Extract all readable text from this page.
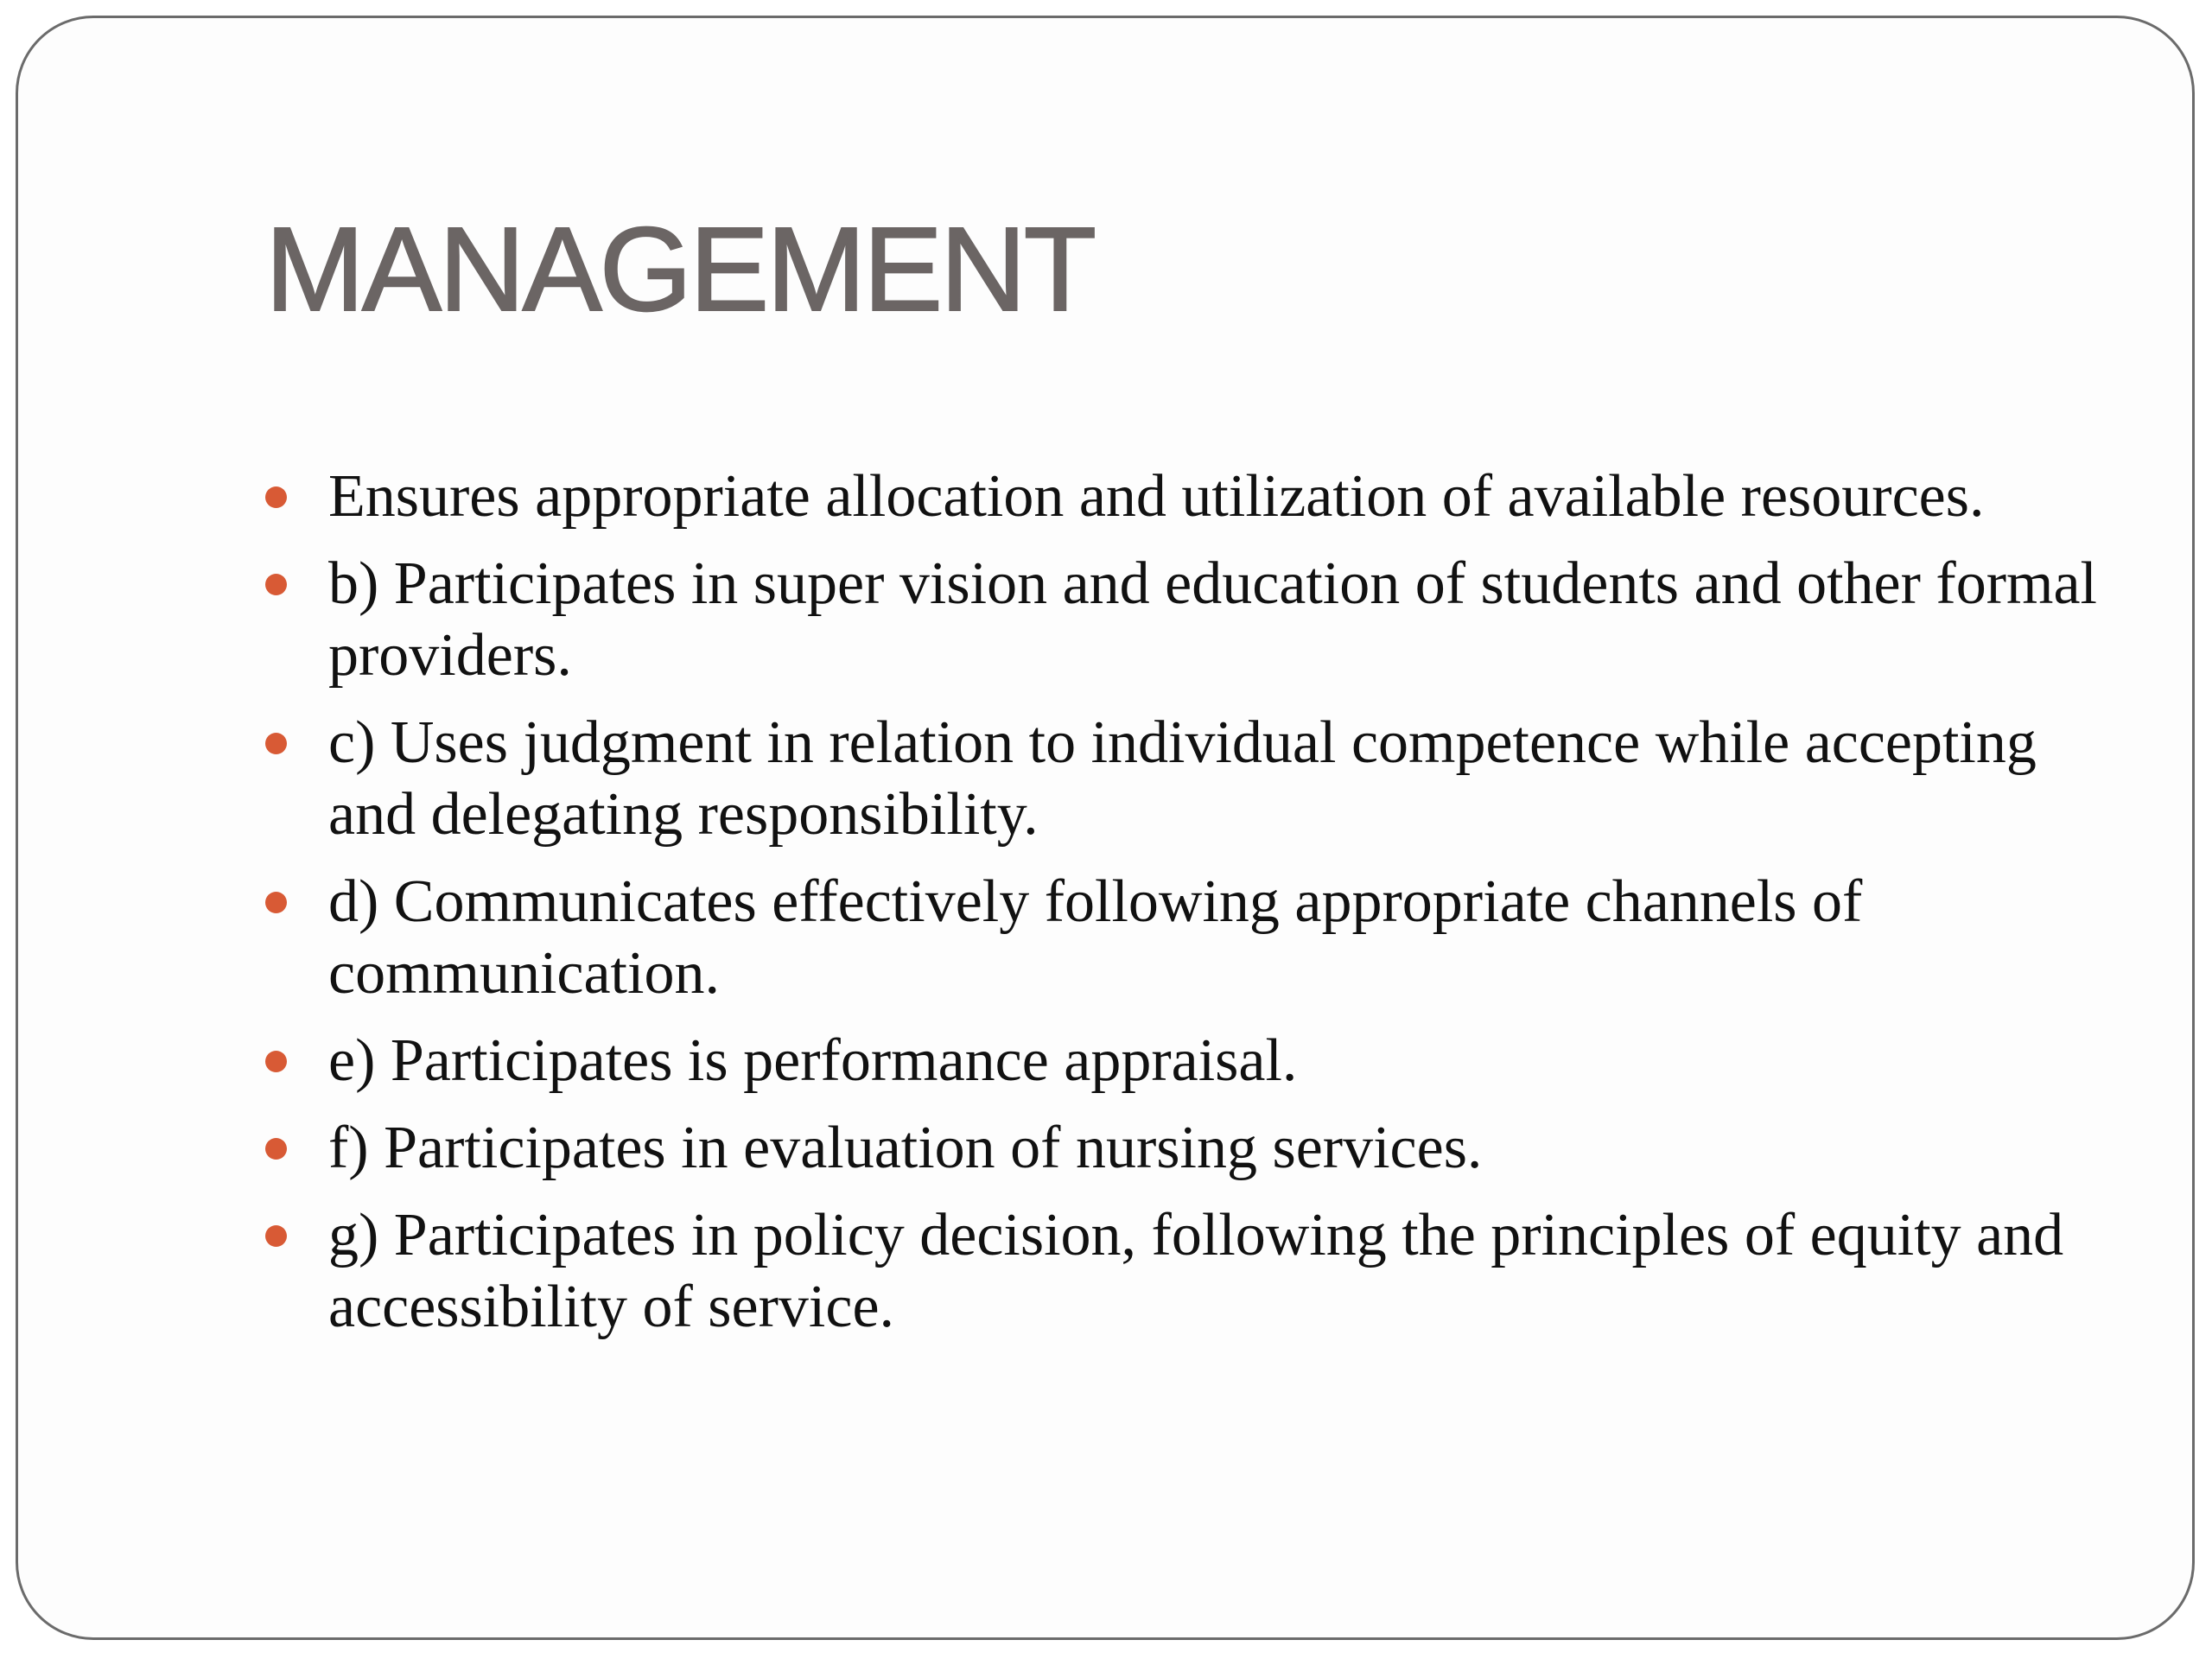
MANAGEMENT
Ensures appropriate allocation and utilization of available resources.
b) Participates in super vision and education of students and other formal providers.
c) Uses judgment in relation to individual competence while accepting and delegating responsibility.
d) Communicates effectively following appropriate channels of communication.
e) Participates is performance appraisal.
f) Participates in evaluation of nursing services.
g) Participates in policy decision, following the principles of equity and accessibility of service.
